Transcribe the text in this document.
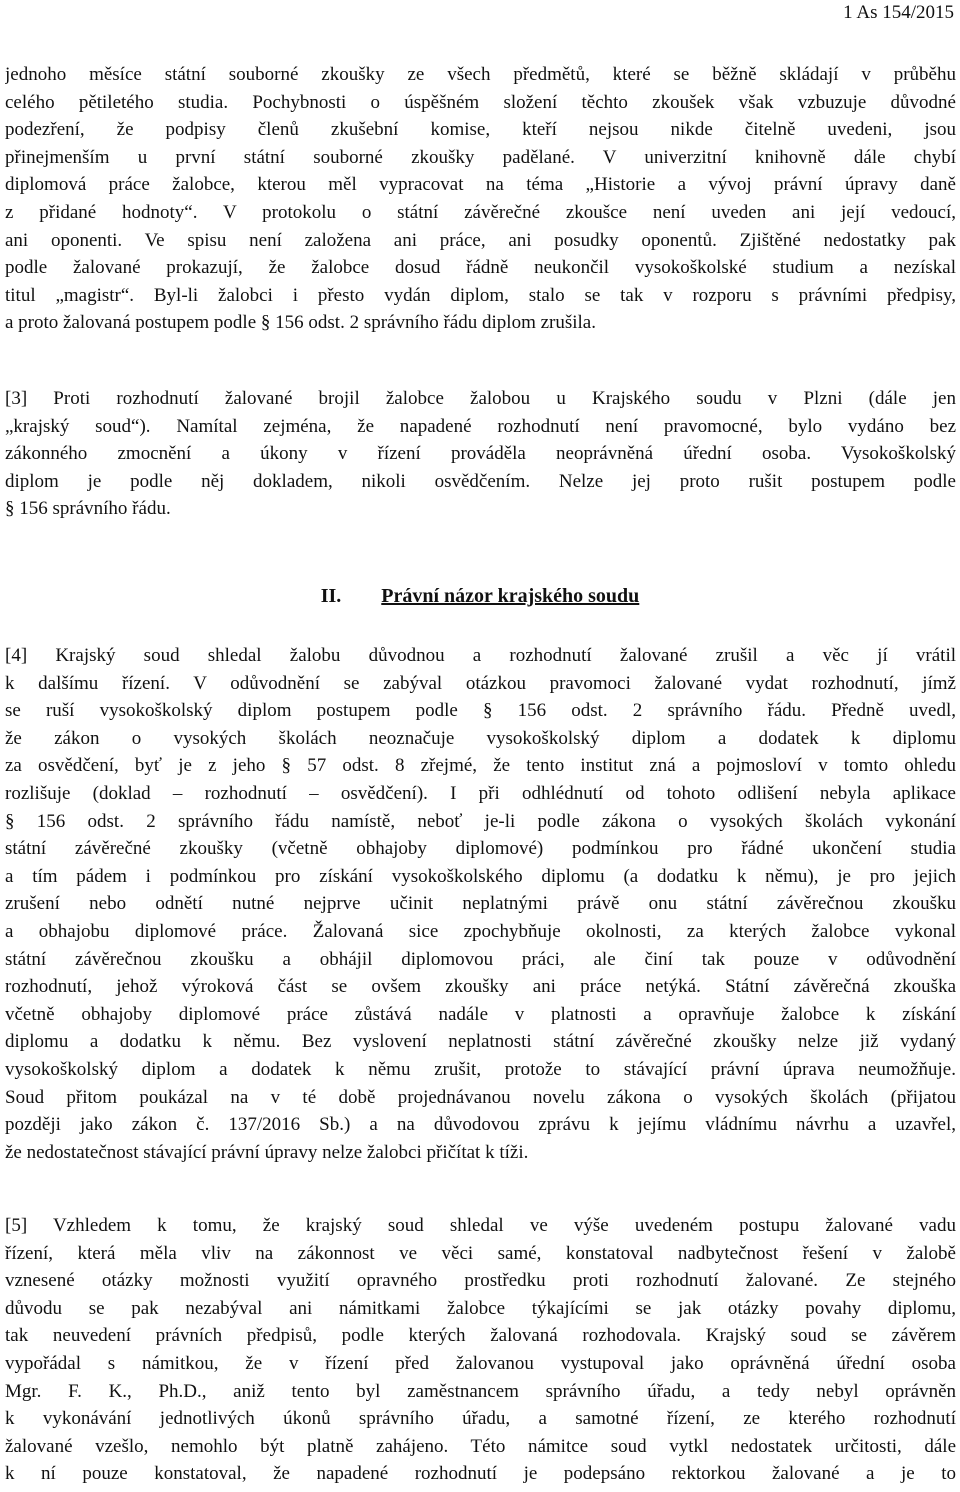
1 As 154/2015
jednoho měsíce státní souborné zkoušky ze všech předmětů, které se běžně skládají v průběhu
celého pětiletého studia. Pochybnosti o úspěšném složení těchto zkoušek však vzbuzuje důvodné
podezření, že podpisy členů zkušební komise, kteří nejsou nikde čitelně uvedeni, jsou
přinejmenším u první státní souborné zkoušky padělané. V univerzitní knihovně dále chybí
diplomová práce žalobce, kterou měl vypracovat na téma „Historie a vývoj právní úpravy daně
z přidané hodnoty“. V protokolu o státní závěrečné zkoušce není uveden ani její vedoucí,
ani oponenti. Ve spisu není založena ani práce, ani posudky oponentů. Zjištěné nedostatky pak
podle žalované prokazují, že žalobce dosud řádně neukončil vysokoškolské studium a nezískal
titul „magistr“. Byl-li žalobci i přesto vydán diplom, stalo se tak v rozporu s právními předpisy,
a proto žalovaná postupem podle § 156 odst. 2 správního řádu diplom zrušila.
[3] Proti rozhodnutí žalované brojil žalobce žalobou u Krajského soudu v Plzni (dále jen
„krajský soud“). Namítal zejména, že napadené rozhodnutí není pravomocné, bylo vydáno bez
zákonného zmocnění a úkony v řízení prováděla neoprávněná úřední osoba. Vysokoškolský
diplom je podle něj dokladem, nikoli osvědčením. Nelze jej proto rušit postupem podle
§ 156 správního řádu.
II. Právní názor krajského soudu
[4] Krajský soud shledal žalobu důvodnou a rozhodnutí žalované zrušil a věc jí vrátil
k dalšímu řízení. V odůvodnění se zabýval otázkou pravomoci žalované vydat rozhodnutí, jímž
se ruší vysokoškolský diplom postupem podle § 156 odst. 2 správního řádu. Předně uvedl,
že zákon o vysokých školách neoznačuje vysokoškolský diplom a dodatek k diplomu
za osvědčení, byť je z jeho § 57 odst. 8 zřejmé, že tento institut zná a pojmosloví v tomto ohledu
rozlišuje (doklad – rozhodnutí – osvědčení). I při odhlédnutí od tohoto odlišení nebyla aplikace
§ 156 odst. 2 správního řádu namístě, neboť je-li podle zákona o vysokých školách vykonání
státní závěrečné zkoušky (včetně obhajoby diplomové) podmínkou pro řádné ukončení studia
a tím pádem i podmínkou pro získání vysokoškolského diplomu (a dodatku k němu), je pro jejich
zrušení nebo odnětí nutné nejprve učinit neplatnými právě onu státní závěrečnou zkoušku
a obhajobu diplomové práce. Žalovaná sice zpochybňuje okolnosti, za kterých žalobce vykonal
státní závěrečnou zkoušku a obhájil diplomovou práci, ale činí tak pouze v odůvodnění
rozhodnutí, jehož výroková část se ovšem zkoušky ani práce netýká. Státní závěrečná zkouška
včetně obhajoby diplomové práce zůstává nadále v platnosti a opravňuje žalobce k získání
diplomu a dodatku k němu. Bez vyslovení neplatnosti státní závěrečné zkoušky nelze již vydaný
vysokoškolský diplom a dodatek k němu zrušit, protože to stávající právní úprava neumožňuje.
Soud přitom poukázal na v té době projednávanou novelu zákona o vysokých školách (přijatou
později jako zákon č. 137/2016 Sb.) a na důvodovou zprávu k jejímu vládnímu návrhu a uzavřel,
že nedostatečnost stávající právní úpravy nelze žalobci přičítat k tíži.
[5] Vzhledem k tomu, že krajský soud shledal ve výše uvedeném postupu žalované vadu
řízení, která měla vliv na zákonnost ve věci samé, konstatoval nadbytečnost řešení v žalobě
vznesené otázky možnosti využití opravného prostředku proti rozhodnutí žalované. Ze stejného
důvodu se pak nezabýval ani námitkami žalobce týkajícími se jak otázky povahy diplomu,
tak neuvedení právních předpisů, podle kterých žalovaná rozhodovala. Krajský soud se závěrem
vypořádal s námitkou, že v řízení před žalovanou vystupoval jako oprávněná úřední osoba
Mgr. F. K., Ph.D., aniž tento byl zaměstnancem správního úřadu, a tedy nebyl oprávněn
k vykonávání jednotlivých úkonů správního úřadu, a samotné řízení, ze kterého rozhodnutí
žalované vzešlo, nemohlo být platně zahájeno. Této námitce soud vytkl nedostatek určitosti, dále
k ní pouze konstatoval, že napadené rozhodnutí je podepsáno rektorkou žalované a je to
